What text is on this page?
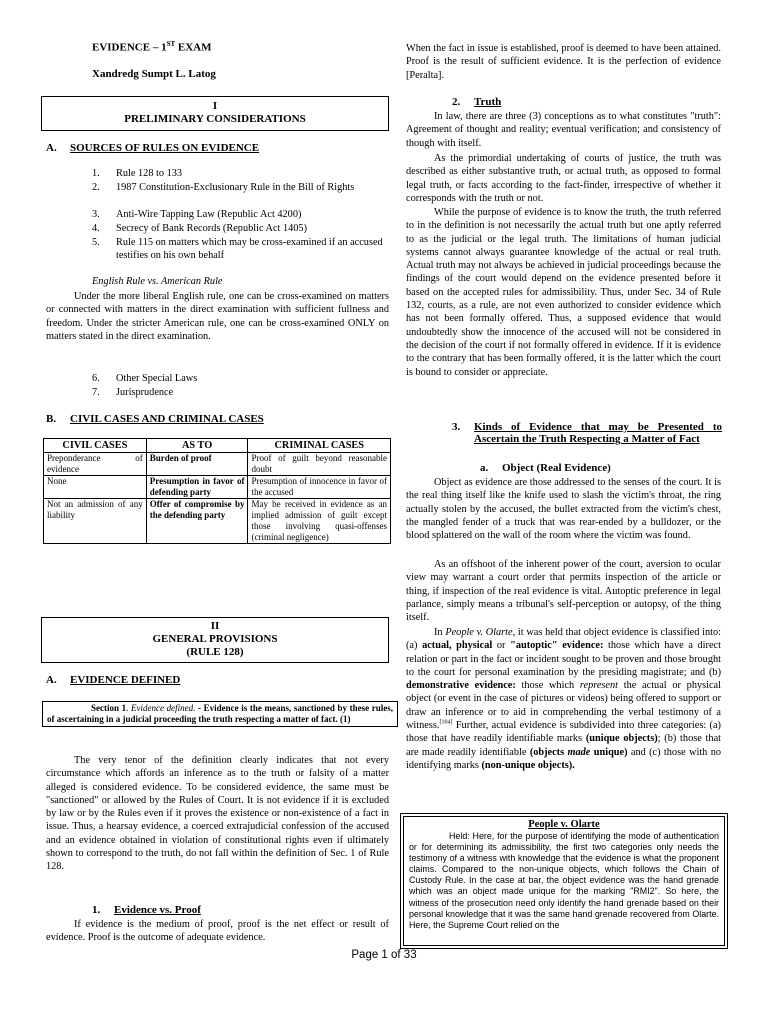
EVIDENCE – 1ST EXAM
Xandredg Sumpt L. Latog
I
PRELIMINARY CONSIDERATIONS
A. SOURCES OF RULES ON EVIDENCE
1. Rule 128 to 133
2. 1987 Constitution-Exclusionary Rule in the Bill of Rights
3. Anti-Wire Tapping Law (Republic Act 4200)
4. Secrecy of Bank Records (Republic Act 1405)
5. Rule 115 on matters which may be cross-examined if an accused testifies on his own behalf
English Rule vs. American Rule
Under the more liberal English rule, one can be cross-examined on matters or connected with matters in the direct examination with sufficient fullness and freedom. Under the stricter American rule, one can be cross-examined ONLY on matters stated in the direct examination.
6. Other Special Laws
7. Jurisprudence
B. CIVIL CASES AND CRIMINAL CASES
CIVIL CASES	AS TO	CRIMINAL CASES
Preponderance of evidence	Burden of proof	Proof of guilt beyond reasonable doubt
None	Presumption in favor of defending party	Presumption of innocence in favor of the accused
Not an admission of any liability	Offer of compromise by the defending party	May be received in evidence as an implied admission of guilt except those involving quasi-offenses (criminal negligence)
II
GENERAL PROVISIONS
(RULE 128)
A. EVIDENCE DEFINED
Section 1. Evidence defined. - Evidence is the means, sanctioned by these rules, of ascertaining in a judicial proceeding the truth respecting a matter of fact. (1)
The very tenor of the definition clearly indicates that not every circumstance which affords an inference as to the truth or falsity of a matter alleged is considered evidence. To be considered evidence, the same must be "sanctioned" or allowed by the Rules of Court. It is not evidence if it is excluded by law or by the Rules even if it proves the existence or non-existence of a fact in issue. Thus, a hearsay evidence, a coerced extrajudicial confession of the accused and an evidence obtained in violation of constitutional rights even if ultimately shown to correspond to the truth, do not fall within the definition of Sec. 1 of Rule 128.
1. Evidence vs. Proof
If evidence is the medium of proof, proof is the net effect or result of evidence. Proof is the outcome of adequate evidence.
When the fact in issue is established, proof is deemed to have been attained. Proof is the result of sufficient evidence. It is the perfection of evidence [Peralta].
2. Truth
In law, there are three (3) conceptions as to what constitutes "truth": Agreement of thought and reality; eventual verification; and consistency of though with itself.
As the primordial undertaking of courts of justice, the truth was described as either substantive truth, or actual truth, as opposed to formal legal truth, or facts according to the fact-finder, irrespective of whether it corresponds with the truth or not.
While the purpose of evidence is to know the truth, the truth referred to in the definition is not necessarily the actual truth but one aptly referred to as the judicial or the legal truth. The limitations of human judicial systems cannot always guarantee knowledge of the actual or real truth. Actual truth may not always be achieved in judicial proceedings because the findings of the court would depend on the evidence presented before it based on the accepted rules for admissibility. Thus, under Sec. 34 of Rule 132, courts, as a rule, are not even authorized to consider evidence which has not been formally offered. Thus, a supposed evidence that would undoubtedly show the innocence of the accused will not be considered in the decision of the court if not formally offered in evidence. If it is evidence to the contrary that has been formally offered, it is the latter which the court is bound to consider or appreciate.
3. Kinds of Evidence that may be Presented to Ascertain the Truth Respecting a Matter of Fact
a. Object (Real Evidence)
Object as evidence are those addressed to the senses of the court. It is the real thing itself like the knife used to slash the victim's throat, the ring actually stolen by the accused, the bullet extracted from the victim's chest, the mangled fender of a truck that was rear-ended by a bulldozer, or the blood splattered on the wall of the room where the victim was found.
As an offshoot of the inherent power of the court, aversion to ocular view may warrant a court order that permits inspection of the article or thing, if inspection of the real evidence is vital. Autoptic preference in legal parlance, simply means a tribunal's self-perception or autopsy, of the thing itself.
In People v. Olarte, it was held that object evidence is classified into: (a) actual, physical or "autoptic" evidence: those which have a direct relation or part in the fact or incident sought to be proven and those brought to the court for personal examination by the presiding magistrate; and (b) demonstrative evidence: those which represent the actual or physical object (or event in the case of pictures or videos) being offered to support or draw an inference or to aid in comprehending the verbal testimony of a witness.[104] Further, actual evidence is subdivided into three categories: (a) those that have readily identifiable marks (unique objects); (b) those that are made readily identifiable (objects made unique) and (c) those with no identifying marks (non-unique objects).
People v. Olarte
Held: Here, for the purpose of identifying the mode of authentication or for determining its admissibility, the first two categories only needs the testimony of a witness with knowledge that the evidence is what the proponent claims. Compared to the non-unique objects, which follows the Chain of Custody Rule. In the case at bar, the object evidence was the hand grenade which was an object made unique for the marking "RMI2". So here, the witness of the prosecution need only identify the hand grenade based on their personal knowledge that it was the same hand grenade recovered from Olarte. Here, the Supreme Court relied on the
Page 1 of 33
